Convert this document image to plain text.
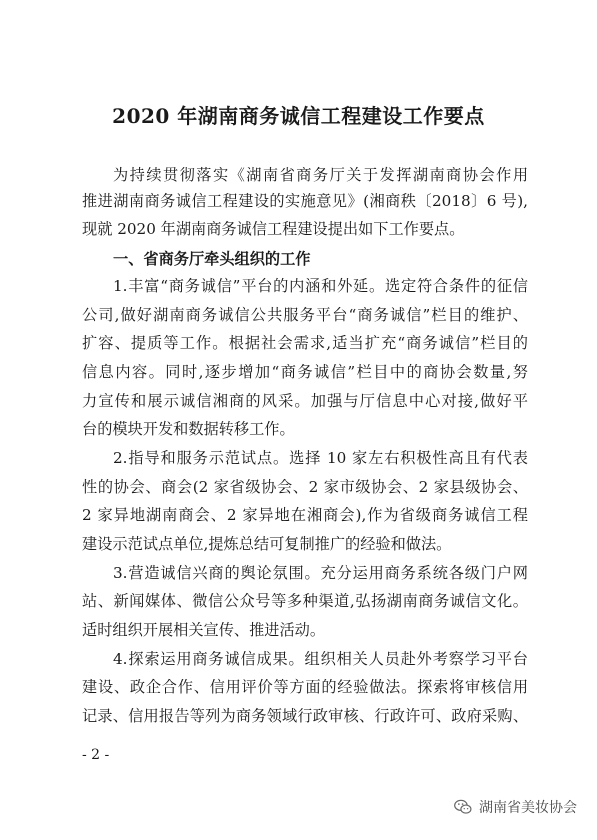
2020 年湖南商务诚信工程建设工作要点
为持续贯彻落实《湖南省商务厅关于发挥湖南商协会作用
推进湖南商务诚信工程建设的实施意见》(湘商秩〔2018〕6 号),
现就 2020 年湖南商务诚信工程建设提出如下工作要点。
一、省商务厅牵头组织的工作
1.丰富“商务诚信”平台的内涵和外延。选定符合条件的征信
公司,做好湖南商务诚信公共服务平台“商务诚信”栏目的维护、
扩容、提质等工作。根据社会需求,适当扩充“商务诚信”栏目的
信息内容。同时,逐步增加“商务诚信”栏目中的商协会数量,努
力宣传和展示诚信湘商的风采。加强与厅信息中心对接,做好平
台的模块开发和数据转移工作。
2.指导和服务示范试点。选择 10 家左右积极性高且有代表
性的协会、商会(2 家省级协会、2 家市级协会、2 家县级协会、
2 家异地湖南商会、2 家异地在湘商会),作为省级商务诚信工程
建设示范试点单位,提炼总结可复制推广的经验和做法。
3.营造诚信兴商的舆论氛围。充分运用商务系统各级门户网
站、新闻媒体、微信公众号等多种渠道,弘扬湖南商务诚信文化。
适时组织开展相关宣传、推进活动。
4.探索运用商务诚信成果。组织相关人员赴外考察学习平台
建设、政企合作、信用评价等方面的经验做法。探索将审核信用
记录、信用报告等列为商务领域行政审核、行政许可、政府采购、
- 2 -
湖南省美妆协会
